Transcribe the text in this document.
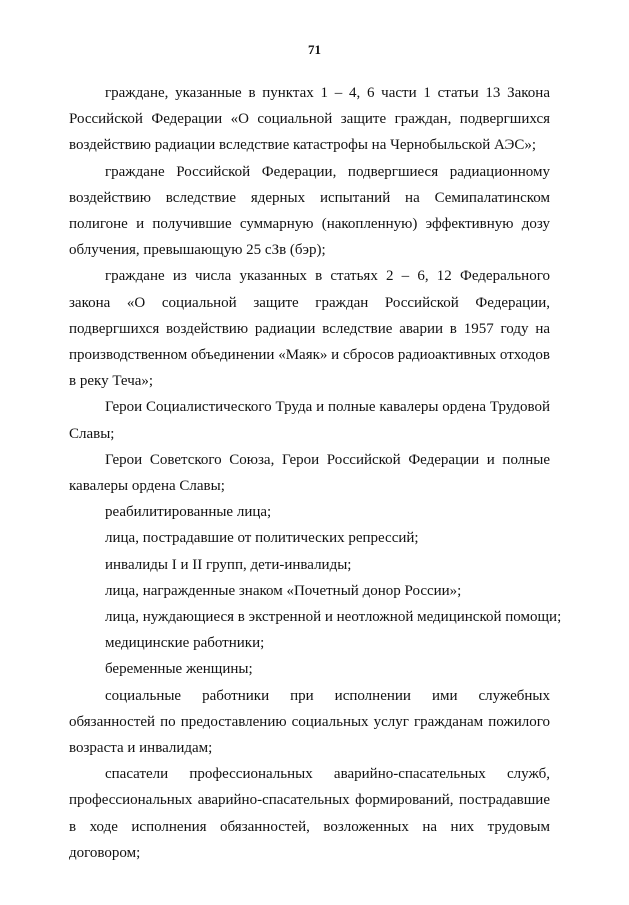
71

граждане, указанные в пунктах 1 – 4, 6 части 1 статьи 13 Закона Российской Федерации «О социальной защите граждан, подвергшихся воздействию радиации вследствие катастрофы на Чернобыльской АЭС»;

граждане Российской Федерации, подвергшиеся радиационному воздействию вследствие ядерных испытаний на Семипалатинском полигоне и получившие суммарную (накопленную) эффективную дозу облучения, превышающую 25 сЗв (бэр);

граждане из числа указанных в статьях 2 – 6, 12 Федерального закона «О социальной защите граждан Российской Федерации, подвергшихся воздействию радиации вследствие аварии в 1957 году на производственном объединении «Маяк» и сбросов радиоактивных отходов в реку Теча»;

Герои Социалистического Труда и полные кавалеры ордена Трудовой Славы;

Герои Советского Союза, Герои Российской Федерации и полные кавалеры ордена Славы;

реабилитированные лица;

лица, пострадавшие от политических репрессий;

инвалиды I и II групп, дети-инвалиды;

лица, награжденные знаком «Почетный донор России»;

лица, нуждающиеся в экстренной и неотложной медицинской помощи;

медицинские работники;

беременные женщины;

социальные работники при исполнении ими служебных обязанностей по предоставлению социальных услуг гражданам пожилого возраста и инвалидам;

спасатели профессиональных аварийно-спасательных служб, профессиональных аварийно-спасательных формирований, пострадавшие в ходе исполнения обязанностей, возложенных на них трудовым договором;
